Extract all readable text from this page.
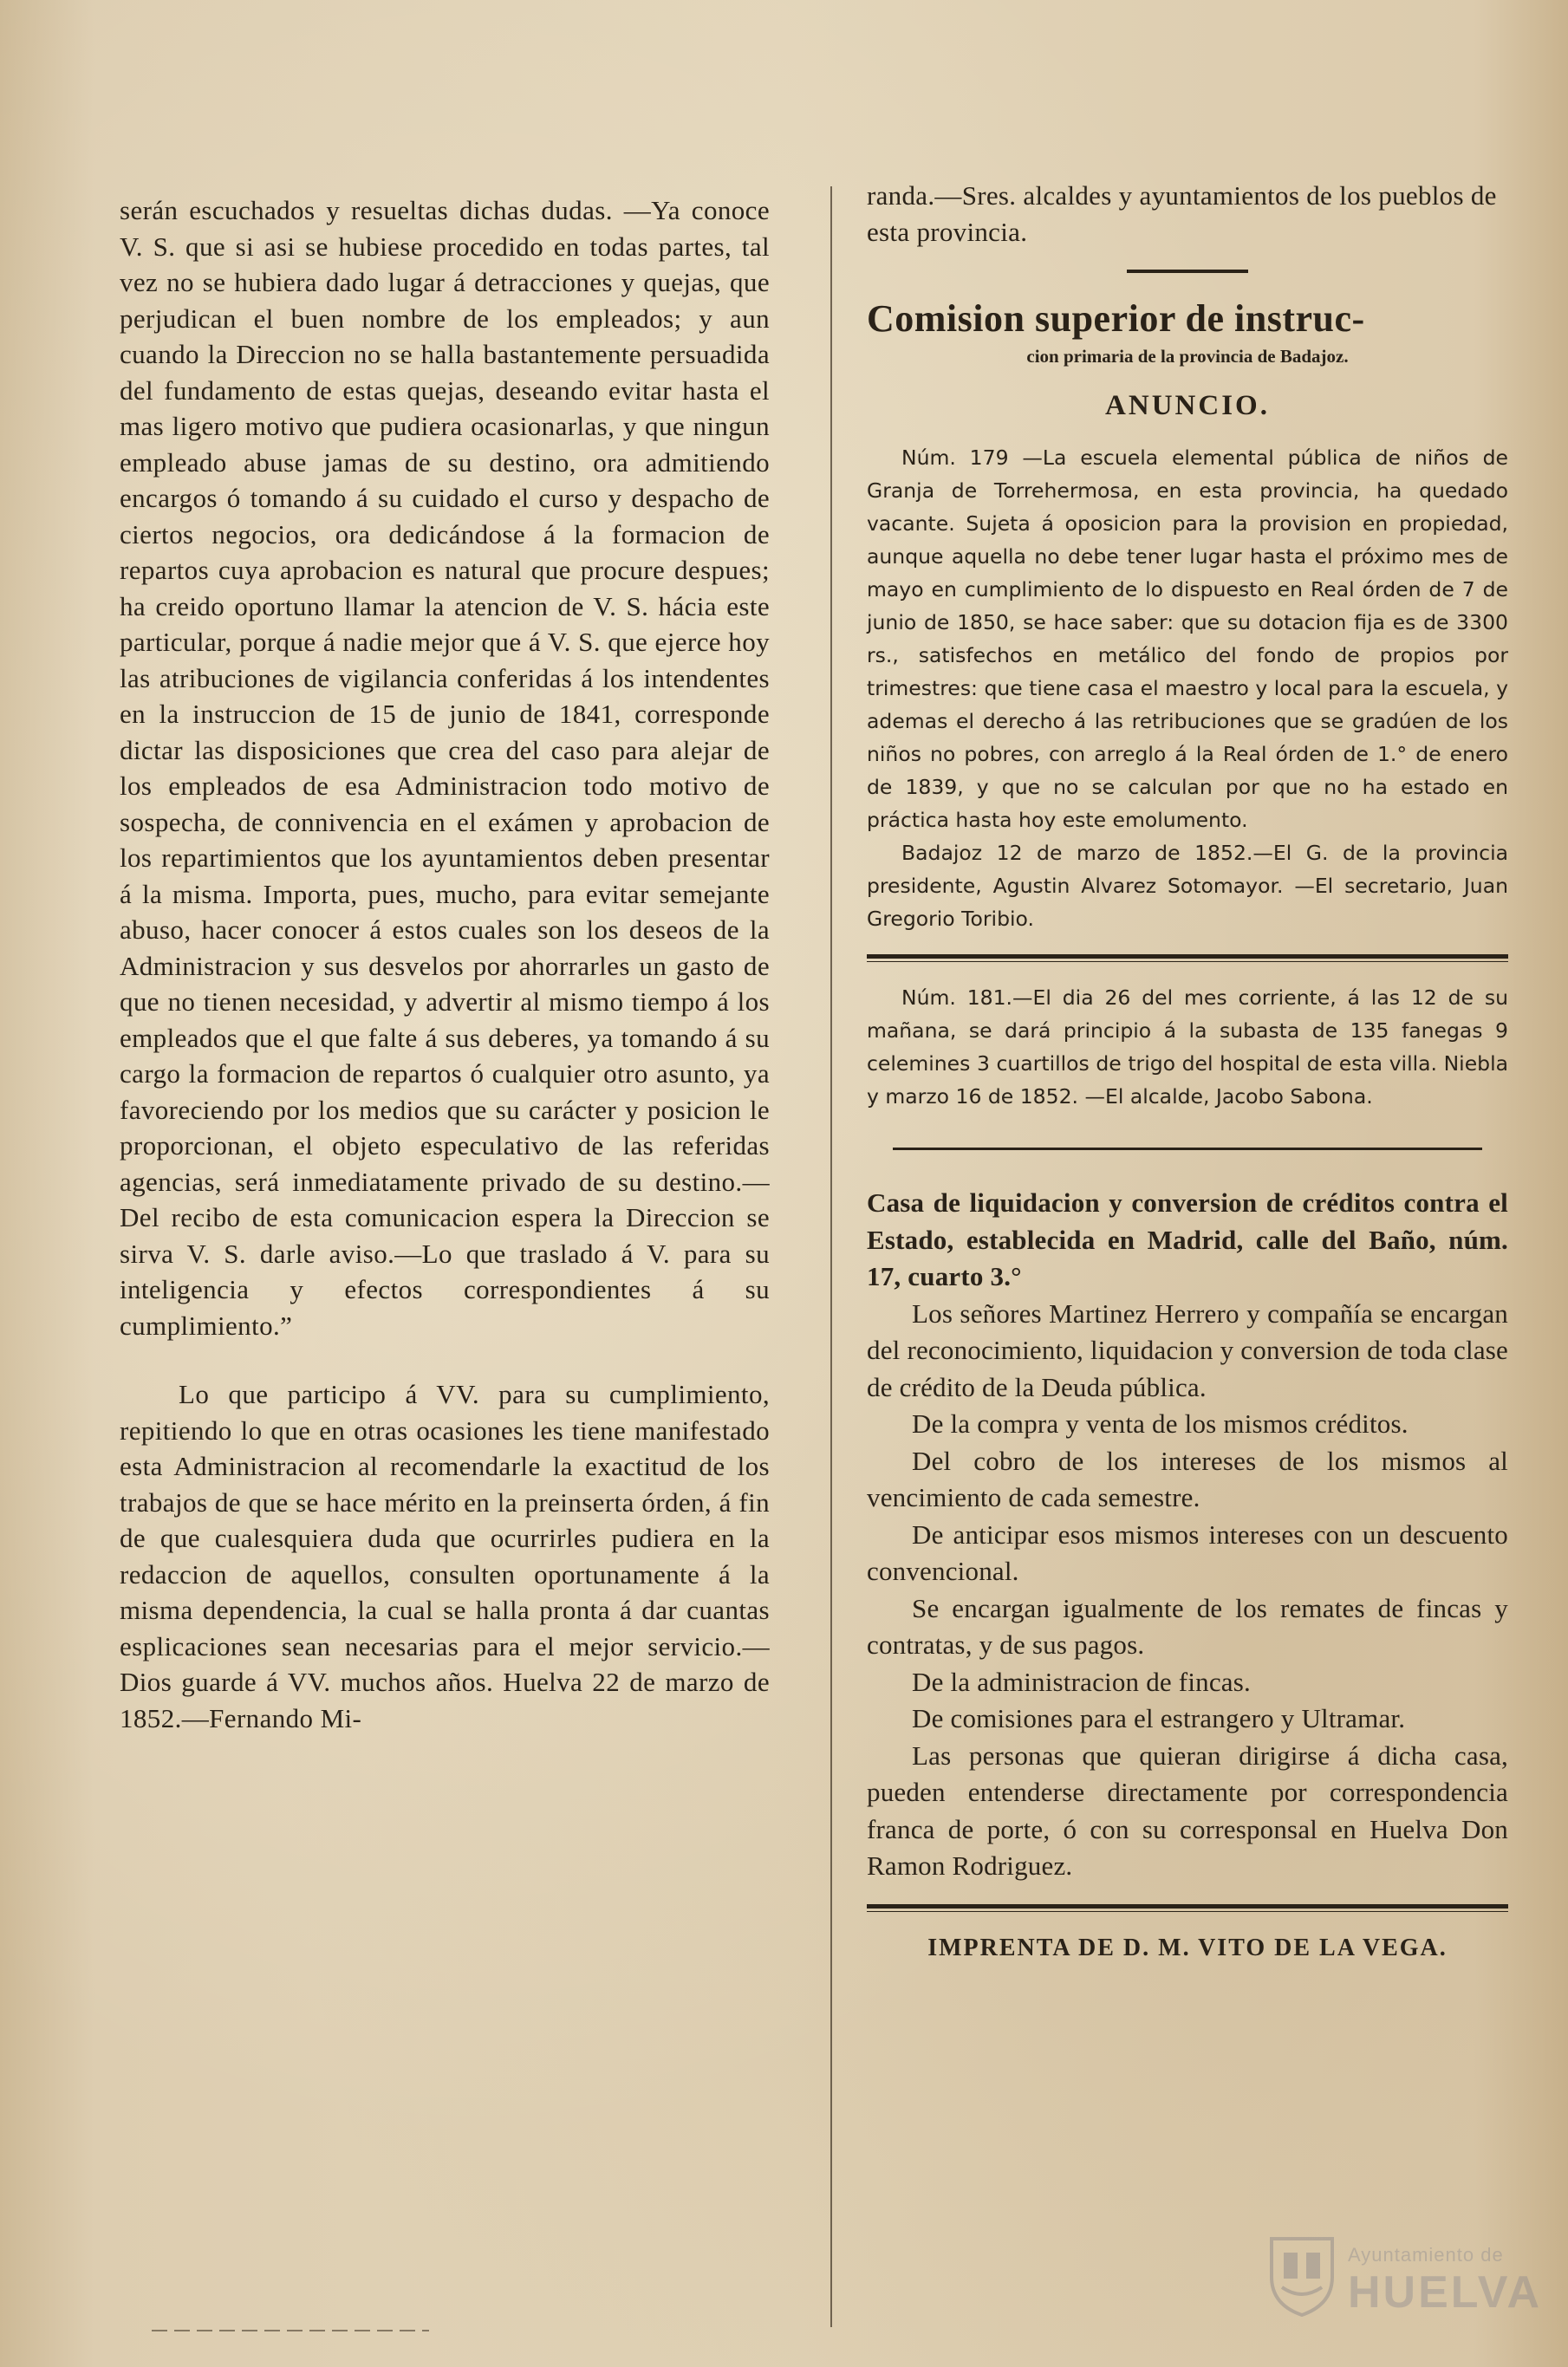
serán escuchados y resueltas dichas dudas. —Ya conoce V. S. que si asi se hubiese procedido en todas partes, tal vez no se hubiera dado lugar á detracciones y quejas, que perjudican el buen nombre de los empleados; y aun cuando la Direccion no se halla bastantemente persuadida del fundamento de estas quejas, deseando evitar hasta el mas ligero motivo que pudiera ocasionarlas, y que ningun empleado abuse jamas de su destino, ora admitiendo encargos ó tomando á su cuidado el curso y despacho de ciertos negocios, ora dedicándose á la formacion de repartos cuya aprobacion es natural que procure despues; ha creido oportuno llamar la atencion de V. S. hácia este particular, porque á nadie mejor que á V. S. que ejerce hoy las atribuciones de vigilancia conferidas á los intendentes en la instruccion de 15 de junio de 1841, corresponde dictar las disposiciones que crea del caso para alejar de los empleados de esa Administracion todo motivo de sospecha, de connivencia en el exámen y aprobacion de los repartimientos que los ayuntamientos deben presentar á la misma. Importa, pues, mucho, para evitar semejante abuso, hacer conocer á estos cuales son los deseos de la Administracion y sus desvelos por ahorrarles un gasto de que no tienen necesidad, y advertir al mismo tiempo á los empleados que el que falte á sus deberes, ya tomando á su cargo la formacion de repartos ó cualquier otro asunto, ya favoreciendo por los medios que su carácter y posicion le proporcionan, el objeto especulativo de las referidas agencias, será inmediatamente privado de su destino.— Del recibo de esta comunicacion espera la Direccion se sirva V. S. darle aviso.—Lo que traslado á V. para su inteligencia y efectos correspondientes á su cumplimiento.”

Lo que participo á VV. para su cumplimiento, repitiendo lo que en otras ocasiones les tiene manifestado esta Administracion al recomendarle la exactitud de los trabajos de que se hace mérito en la preinserta órden, á fin de que cualesquiera duda que ocurrirles pudiera en la redaccion de aquellos, consulten oportunamente á la misma dependencia, la cual se halla pronta á dar cuantas esplicaciones sean necesarias para el mejor servicio.—Dios guarde á VV. muchos años. Huelva 22 de marzo de 1852.—Fernando Mi-

randa.—Sres. alcaldes y ayuntamientos de los pueblos de esta provincia.
Comision superior de instruc-
cion primaria de la provincia de Badajoz.
ANUNCIO.

Núm. 179 —La escuela elemental pública de niños de Granja de Torrehermosa, en esta provincia, ha quedado vacante. Sujeta á oposicion para la provision en propiedad, aunque aquella no debe tener lugar hasta el próximo mes de mayo en cumplimiento de lo dispuesto en Real órden de 7 de junio de 1850, se hace saber: que su dotacion fija es de 3300 rs., satisfechos en metálico del fondo de propios por trimestres: que tiene casa el maestro y local para la escuela, y ademas el derecho á las retribuciones que se gradúen de los niños no pobres, con arreglo á la Real órden de 1.° de enero de 1839, y que no se calculan por que no ha estado en práctica hasta hoy este emolumento.

Badajoz 12 de marzo de 1852.—El G. de la provincia presidente, Agustin Alvarez Sotomayor. —El secretario, Juan Gregorio Toribio.

Núm. 181.—El dia 26 del mes corriente, á las 12 de su mañana, se dará principio á la subasta de 135 fanegas 9 celemines 3 cuartillos de trigo del hospital de esta villa. Niebla y marzo 16 de 1852. —El alcalde, Jacobo Sabona.

Casa de liquidacion y conversion de créditos contra el Estado, establecida en Madrid, calle del Baño, núm. 17, cuarto 3.°

Los señores Martinez Herrero y compañía se encargan del reconocimiento, liquidacion y conversion de toda clase de crédito de la Deuda pública.

De la compra y venta de los mismos créditos.

Del cobro de los intereses de los mismos al vencimiento de cada semestre.

De anticipar esos mismos intereses con un descuento convencional.

Se encargan igualmente de los remates de fincas y contratas, y de sus pagos.

De la administracion de fincas.

De comisiones para el estrangero y Ultramar.

Las personas que quieran dirigirse á dicha casa, pueden entenderse directamente por correspondencia franca de porte, ó con su corresponsal en Huelva Don Ramon Rodriguez.

IMPRENTA DE D. M. VITO DE LA VEGA.
Ayuntamiento de
HUELVA
